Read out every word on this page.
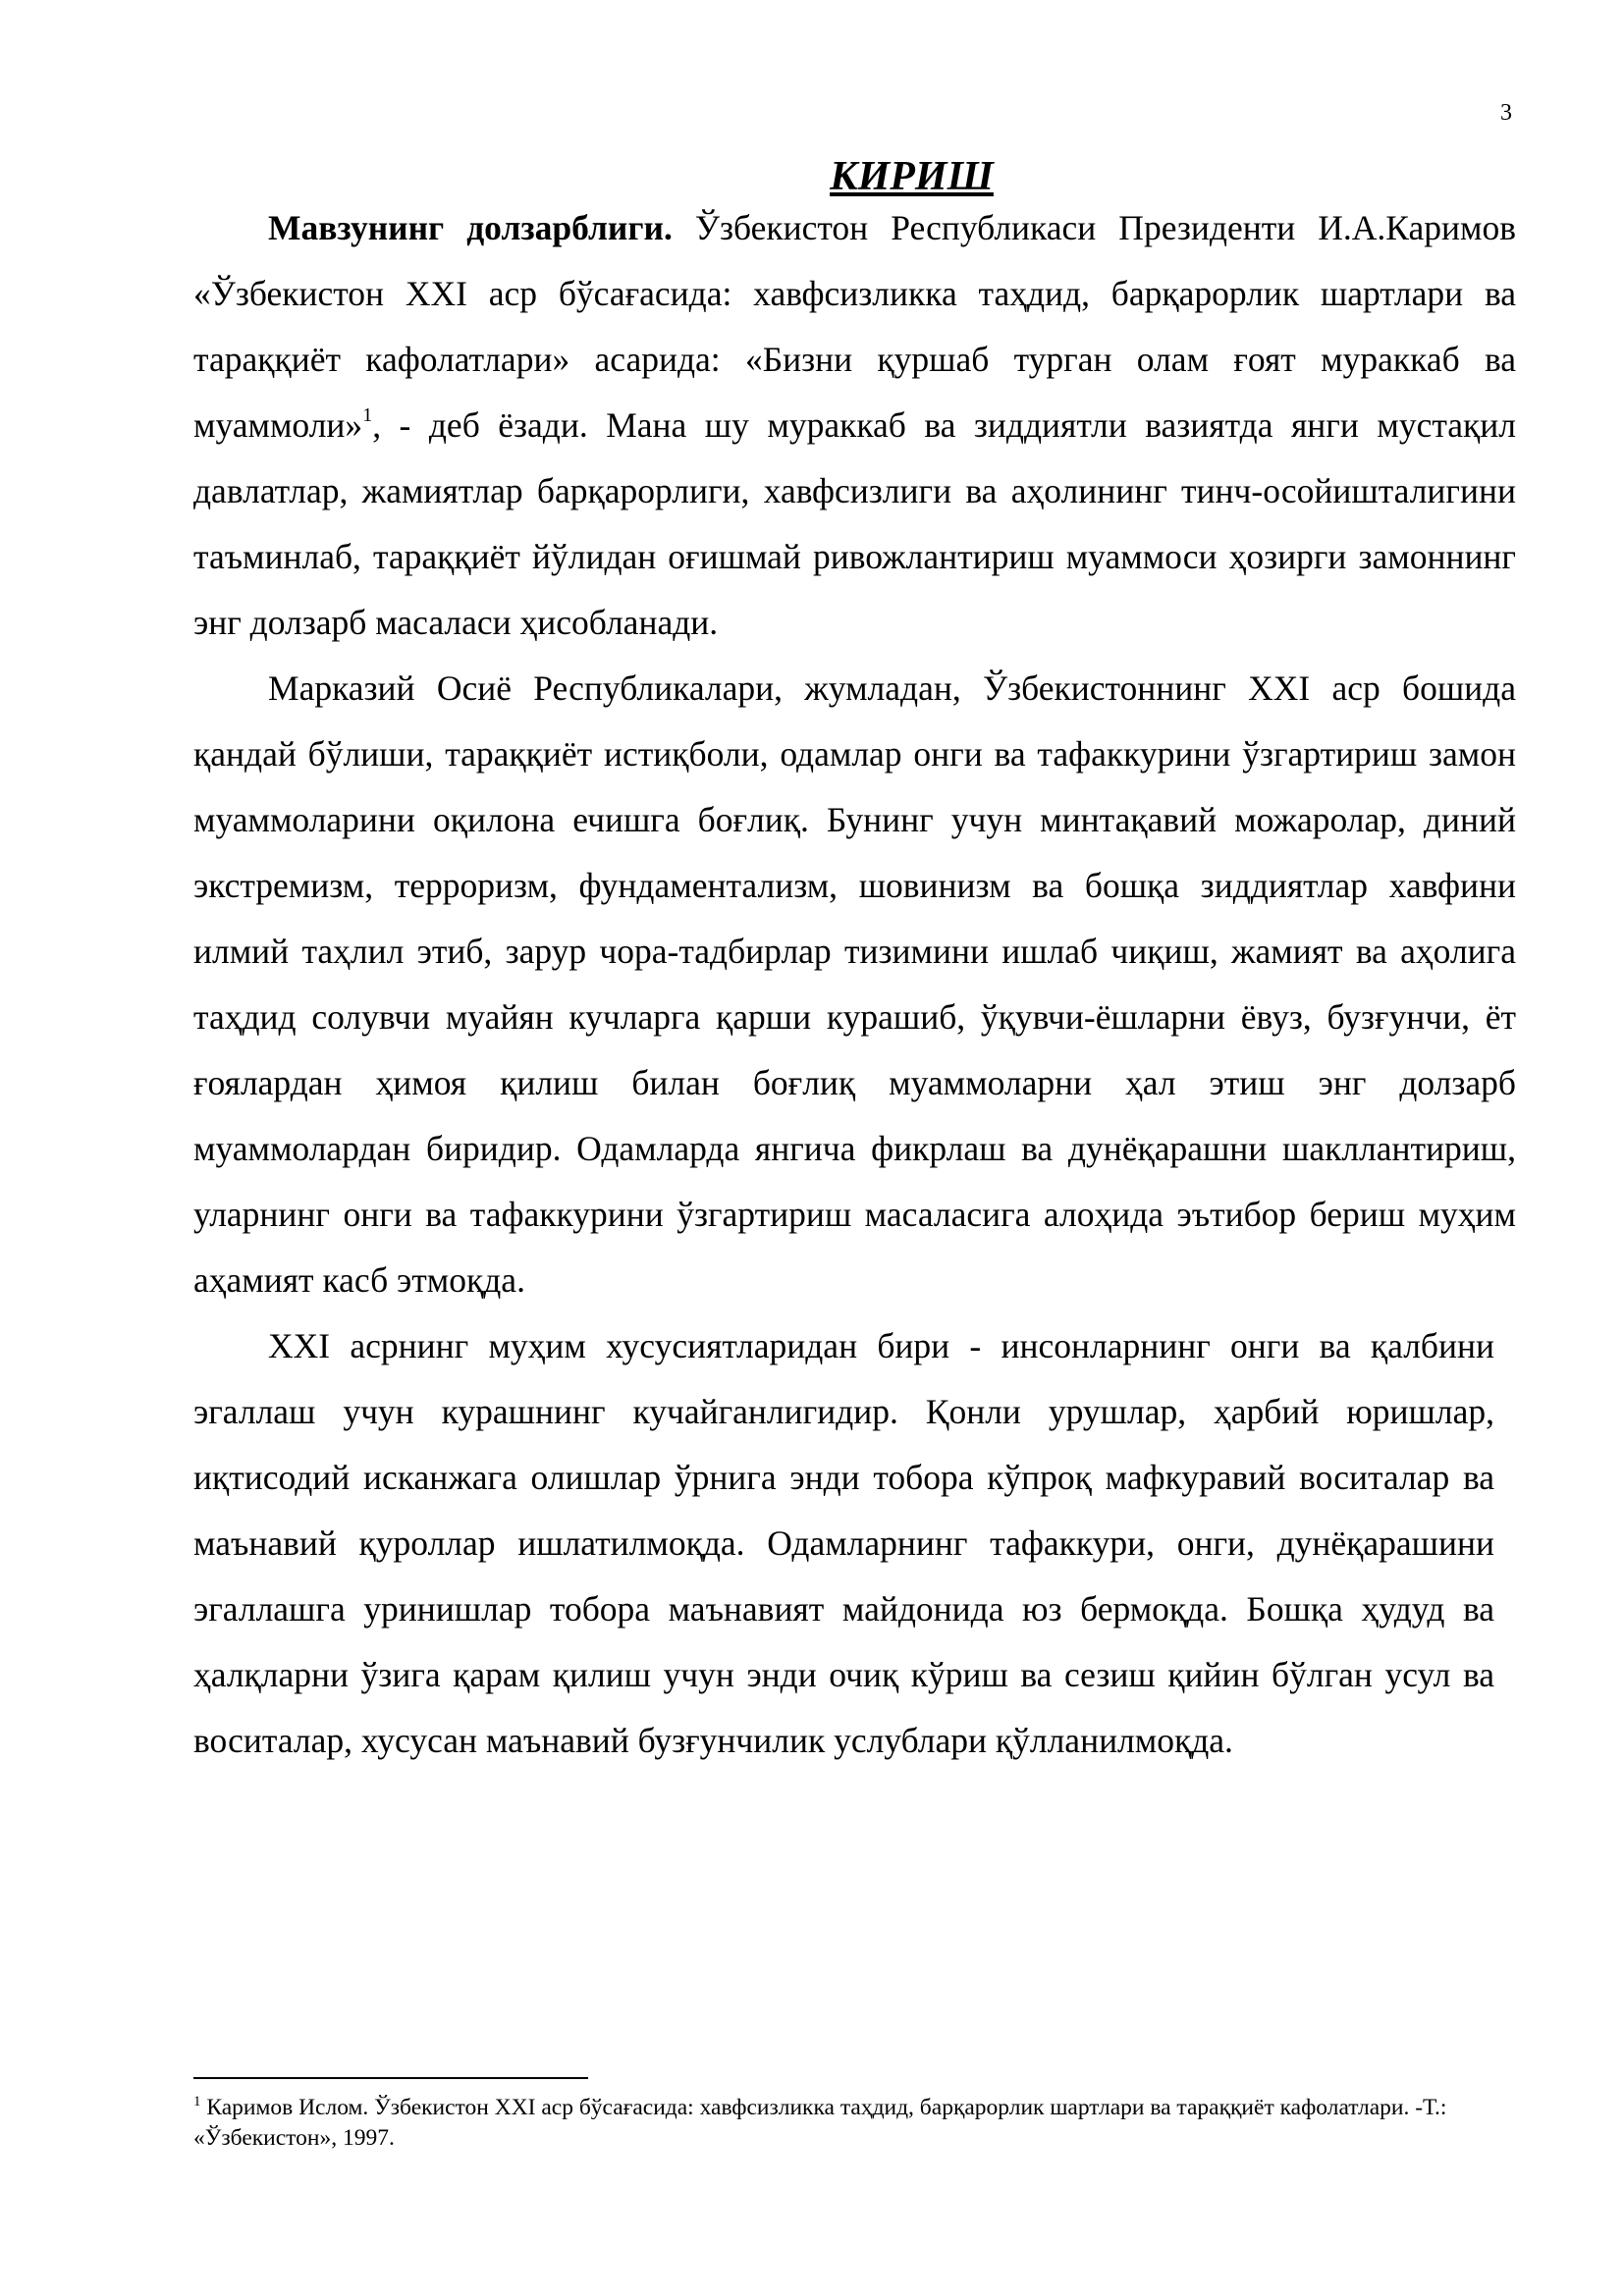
3
КИРИШ

Мавзунинг долзарблиги. Ўзбекистон Республикаси Президенти И.А.Каримов «Ўзбекистон XXI аср бўсағасида: хавфсизликка таҳдид, барқарорлик шартлари ва тараққиёт кафолатлари» асарида: «Бизни қуршаб турган олам ғоят мураккаб ва муаммоли»$^1$, - деб ёзади. Мана шу мураккаб ва зиддиятли вазиятда янги мустақил давлатлар, жамиятлар барқарорлиги, хавфсизлиги ва аҳолининг тинч-осойишталигини таъминлаб, тараққиёт йўлидан оғишмай ривожлантириш муаммоси ҳозирги замоннинг энг долзарб масаласи ҳисобланади.

Марказий Осиё Республикалари, жумладан, Ўзбекистоннинг XXI аср бошида қандай бўлиши, тараққиёт истиқболи, одамлар онги ва тафаккурини ўзгартириш замон муаммоларини оқилона ечишга боғлиқ. Бунинг учун минтақавий можаролар, диний экстремизм, терроризм, фундаментализм, шовинизм ва бошқа зиддиятлар хавфини илмий таҳлил этиб, зарур чора-тадбирлар тизимини ишлаб чиқиш, жамият ва аҳолига таҳдид солувчи муайян кучларга қарши курашиб, ўқувчи-ёшларни ёвуз, бузғунчи, ёт ғоялардан ҳимоя қилиш билан боғлиқ муаммоларни ҳал этиш энг долзарб муаммолардан биридир. Одамларда янгича фикрлаш ва дунёқарашни шакллантириш, уларнинг онги ва тафаккурини ўзгартириш масаласига алоҳида эътибор бериш муҳим аҳамият касб этмоқда.

XXI асрнинг муҳим хусусиятларидан бири - инсонларнинг онги ва қалбини эгаллаш учун курашнинг кучайганлигидир. Қонли урушлар, ҳарбий юришлар, иқтисодий исканжага олишлар ўрнига энди тобора кўпроқ мафкуравий воситалар ва маънавий қуроллар ишлатилмоқда. Одамларнинг тафаккури, онги, дунёқарашини эгаллашга уринишлар тобора маънавият майдонида юз бермоқда. Бошқа ҳудуд ва ҳалқларни ўзига қарам қилиш учун энди очиқ кўриш ва сезиш қийин бўлган усул ва воситалар, хусусан маънавий бузғунчилик услублари қўлланилмоқда.

$^1$ Каримов Ислом. Ўзбекистон XXI аср бўсағасида: хавфсизликка таҳдид, барқарорлик шартлари ва тараққиёт кафолатлари. -Т.: «Ўзбекистон», 1997.
